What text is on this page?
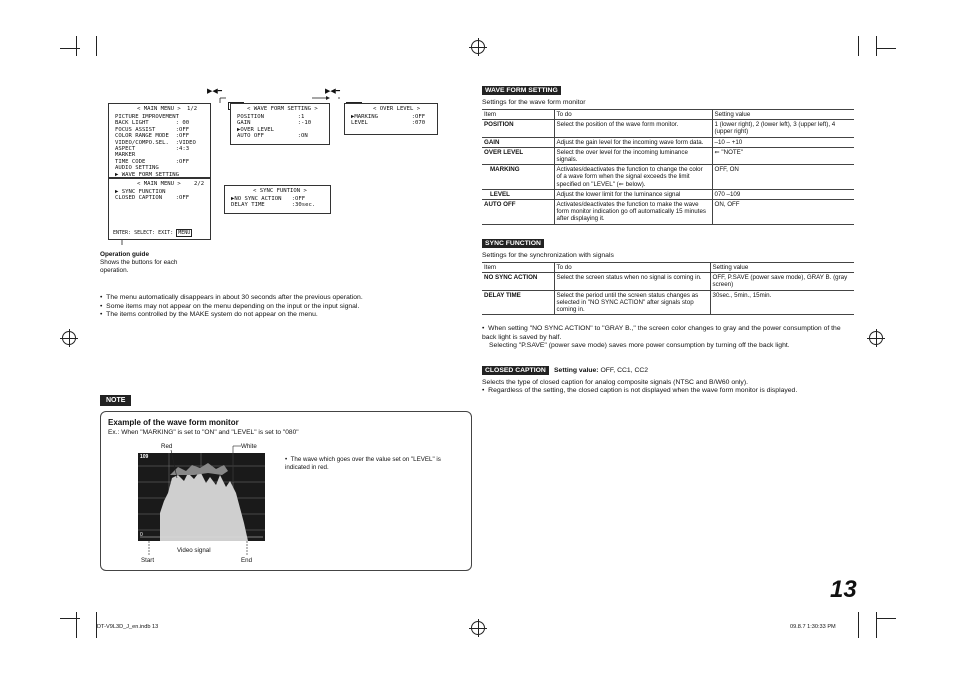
▶◀━	▶◀━
< MAIN MENU > 1/2
PICTURE IMPROVEMENT
BACK LIGHT        : 00
FOCUS ASSIST      :OFF
COLOR RANGE MODE  :OFF
VIDEO/COMPO.SEL.  :VIDEO
ASPECT            :4:3
MARKER
TIME CODE         :OFF
AUDIO SETTING
▶ WAVE FORM SETTING
< WAVE FORM SETTING >
POSITION          :1
GAIN              :-10
▶OVER LEVEL
AUTO OFF          :ON
< OVER LEVEL >
▶MARKING          :OFF
LEVEL             :070
< MAIN MENU > 2/2
▶ SYNC FUNCTION
CLOSED CAPTION    :OFF
ENTER: SELECT: EXIT: MENU
< SYNC FUNTION >
▶NO SYNC ACTION   :OFF
DELAY TIME        :30sec.
Operation guide
Shows the buttons for each operation.
•  The menu automatically disappears in about 30 seconds after the previous operation.
•  Some items may not appear on the menu depending on the input or the input signal.
•  The items controlled by the MAKE system do not appear on the menu.
NOTE
Example of the wave form monitor
Ex.: When "MARKING" is set to "ON" and "LEVEL" is set to "080"
Red	White
109
0
Video signal
Start	End
•  The wave which goes over the value set on "LEVEL" is indicated in red.
WAVE FORM SETTING
Settings for the wave form monitor
Item	To do	Setting value
POSITION	Select the position of the wave form monitor.	1 (lower right), 2 (lower left), 3 (upper left), 4 (upper right)
GAIN	Adjust the gain level for the incoming wave form data.	–10 – +10
OVER LEVEL	Select the over level for the incoming luminance signals.	⇐ "NOTE"
MARKING	Activates/deactivates the function to change the color of a wave form when the signal exceeds the limit specified on "LEVEL" (⇐ below).	OFF, ON
LEVEL	Adjust the lower limit for the luminance signal	070 –109
AUTO OFF	Activates/deactivates the function to make the wave form monitor indication go off automatically 15 minutes after displaying it.	ON, OFF
SYNC FUNCTION
Settings for the synchronization with signals
Item	To do	Setting value
NO SYNC ACTION	Select the screen status when no signal is coming in.	OFF, P.SAVE (power save mode), GRAY B. (gray screen)
DELAY TIME	Select the period until the screen status changes as selected in "NO SYNC ACTION" after signals stop coming in.	30sec., 5min., 15min.
•  When setting "NO SYNC ACTION" to "GRAY B.," the screen color changes to gray and the power consumption of the back light is saved by half.
Selecting "P.SAVE" (power save mode) saves more power consumption by turning off the back light.
CLOSED CAPTION	Setting value: OFF, CC1, CC2
Selects the type of closed caption for analog composite signals (NTSC and B/W60 only).
•  Regardless of the setting, the closed caption is not displayed when the wave form monitor is displayed.
13
DT-V9L3D_J_en.indb 13	09.8.7 1:30:33 PM
